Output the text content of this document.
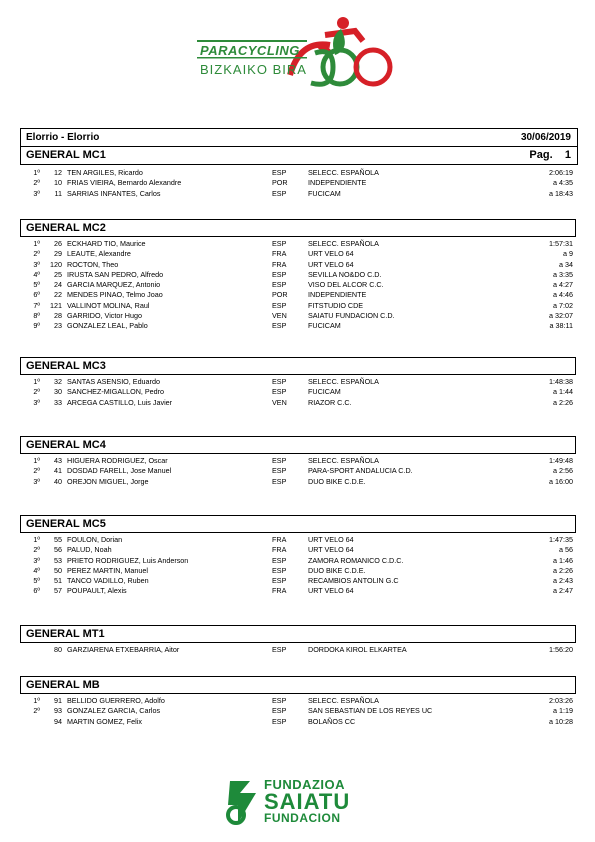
PARACYCLING
BIZKAIKO BIRA
Elorrio - Elorrio	30/06/2019
GENERAL MC1	Pag. 1
1º	12 TEN ARGILES, Ricardo	ESP	SELECC. ESPAÑOLA	2:06:19
2º	10 FRIAS VIEIRA, Bernardo Alexandre	POR	INDEPENDIENTE	a 4:35
3º	11 SARRIAS INFANTES, Carlos	ESP	FUCICAM	a 18:43
GENERAL MC2
1º	26 ECKHARD TIO, Maurice	ESP	SELECC. ESPAÑOLA	1:57:31
2º	29 LEAUTE, Alexandre	FRA	URT VELO 64	a 9
3º	120 ROCTON, Theo	FRA	URT VELO 64	a 34
4º	25 IRUSTA SAN PEDRO, Alfredo	ESP	SEVILLA NO&DO C.D.	a 3:35
5º	24 GARCIA MARQUEZ, Antonio	ESP	VISO DEL ALCOR C.C.	a 4:27
6º	22 MENDES PINAO, Telmo Joao	POR	INDEPENDIENTE	a 4:46
7º	121 VALLINOT MOLINA, Raul	ESP	FITSTUDIO CDE	a 7:02
8º	28 GARRIDO, Victor Hugo	VEN	SAIATU FUNDACION C.D.	a 32:07
9º	23 GONZALEZ LEAL, Pablo	ESP	FUCICAM	a 38:11
GENERAL MC3
1º	32 SANTAS ASENSIO, Eduardo	ESP	SELECC. ESPAÑOLA	1:48:38
2º	30 SANCHEZ-MIGALLON, Pedro	ESP	FUCICAM	a 1:44
3º	33 ARCEGA CASTILLO, Luis Javier	VEN	RIAZOR C.C.	a 2:26
GENERAL MC4
1º	43 HIGUERA RODRIGUEZ, Oscar	ESP	SELECC. ESPAÑOLA	1:49:48
2º	41 DOSDAD FARELL, Jose Manuel	ESP	PARA-SPORT ANDALUCIA C.D.	a 2:56
3º	40 OREJON MIGUEL, Jorge	ESP	DUO BIKE C.D.E.	a 16:00
GENERAL MC5
1º	55 FOULON, Dorian	FRA	URT VELO 64	1:47:35
2º	56 PALUD, Noah	FRA	URT VELO 64	a 56
3º	53 PRIETO RODRIGUEZ, Luis Anderson	ESP	ZAMORA ROMANICO C.D.C.	a 1:46
4º	50 PEREZ MARTIN, Manuel	ESP	DUO BIKE C.D.E.	a 2:26
5º	51 TANCO VADILLO, Ruben	ESP	RECAMBIOS ANTOLIN G.C	a 2:43
6º	57 POUPAULT, Alexis	FRA	URT VELO 64	a 2:47
GENERAL MT1
80 GARZIARENA ETXEBARRIA, Aitor	ESP	DORDOKA KIROL ELKARTEA	1:56:20
GENERAL MB
1º	91 BELLIDO GUERRERO, Adolfo	ESP	SELECC. ESPAÑOLA	2:03:26
2º	93 GONZALEZ GARCIA, Carlos	ESP	SAN SEBASTIAN DE LOS REYES UC	a 1:19
94 MARTIN GOMEZ, Felix	ESP	BOLAÑOS CC	a 10:28
FUNDAZIOA
SAIATU
FUNDACION
